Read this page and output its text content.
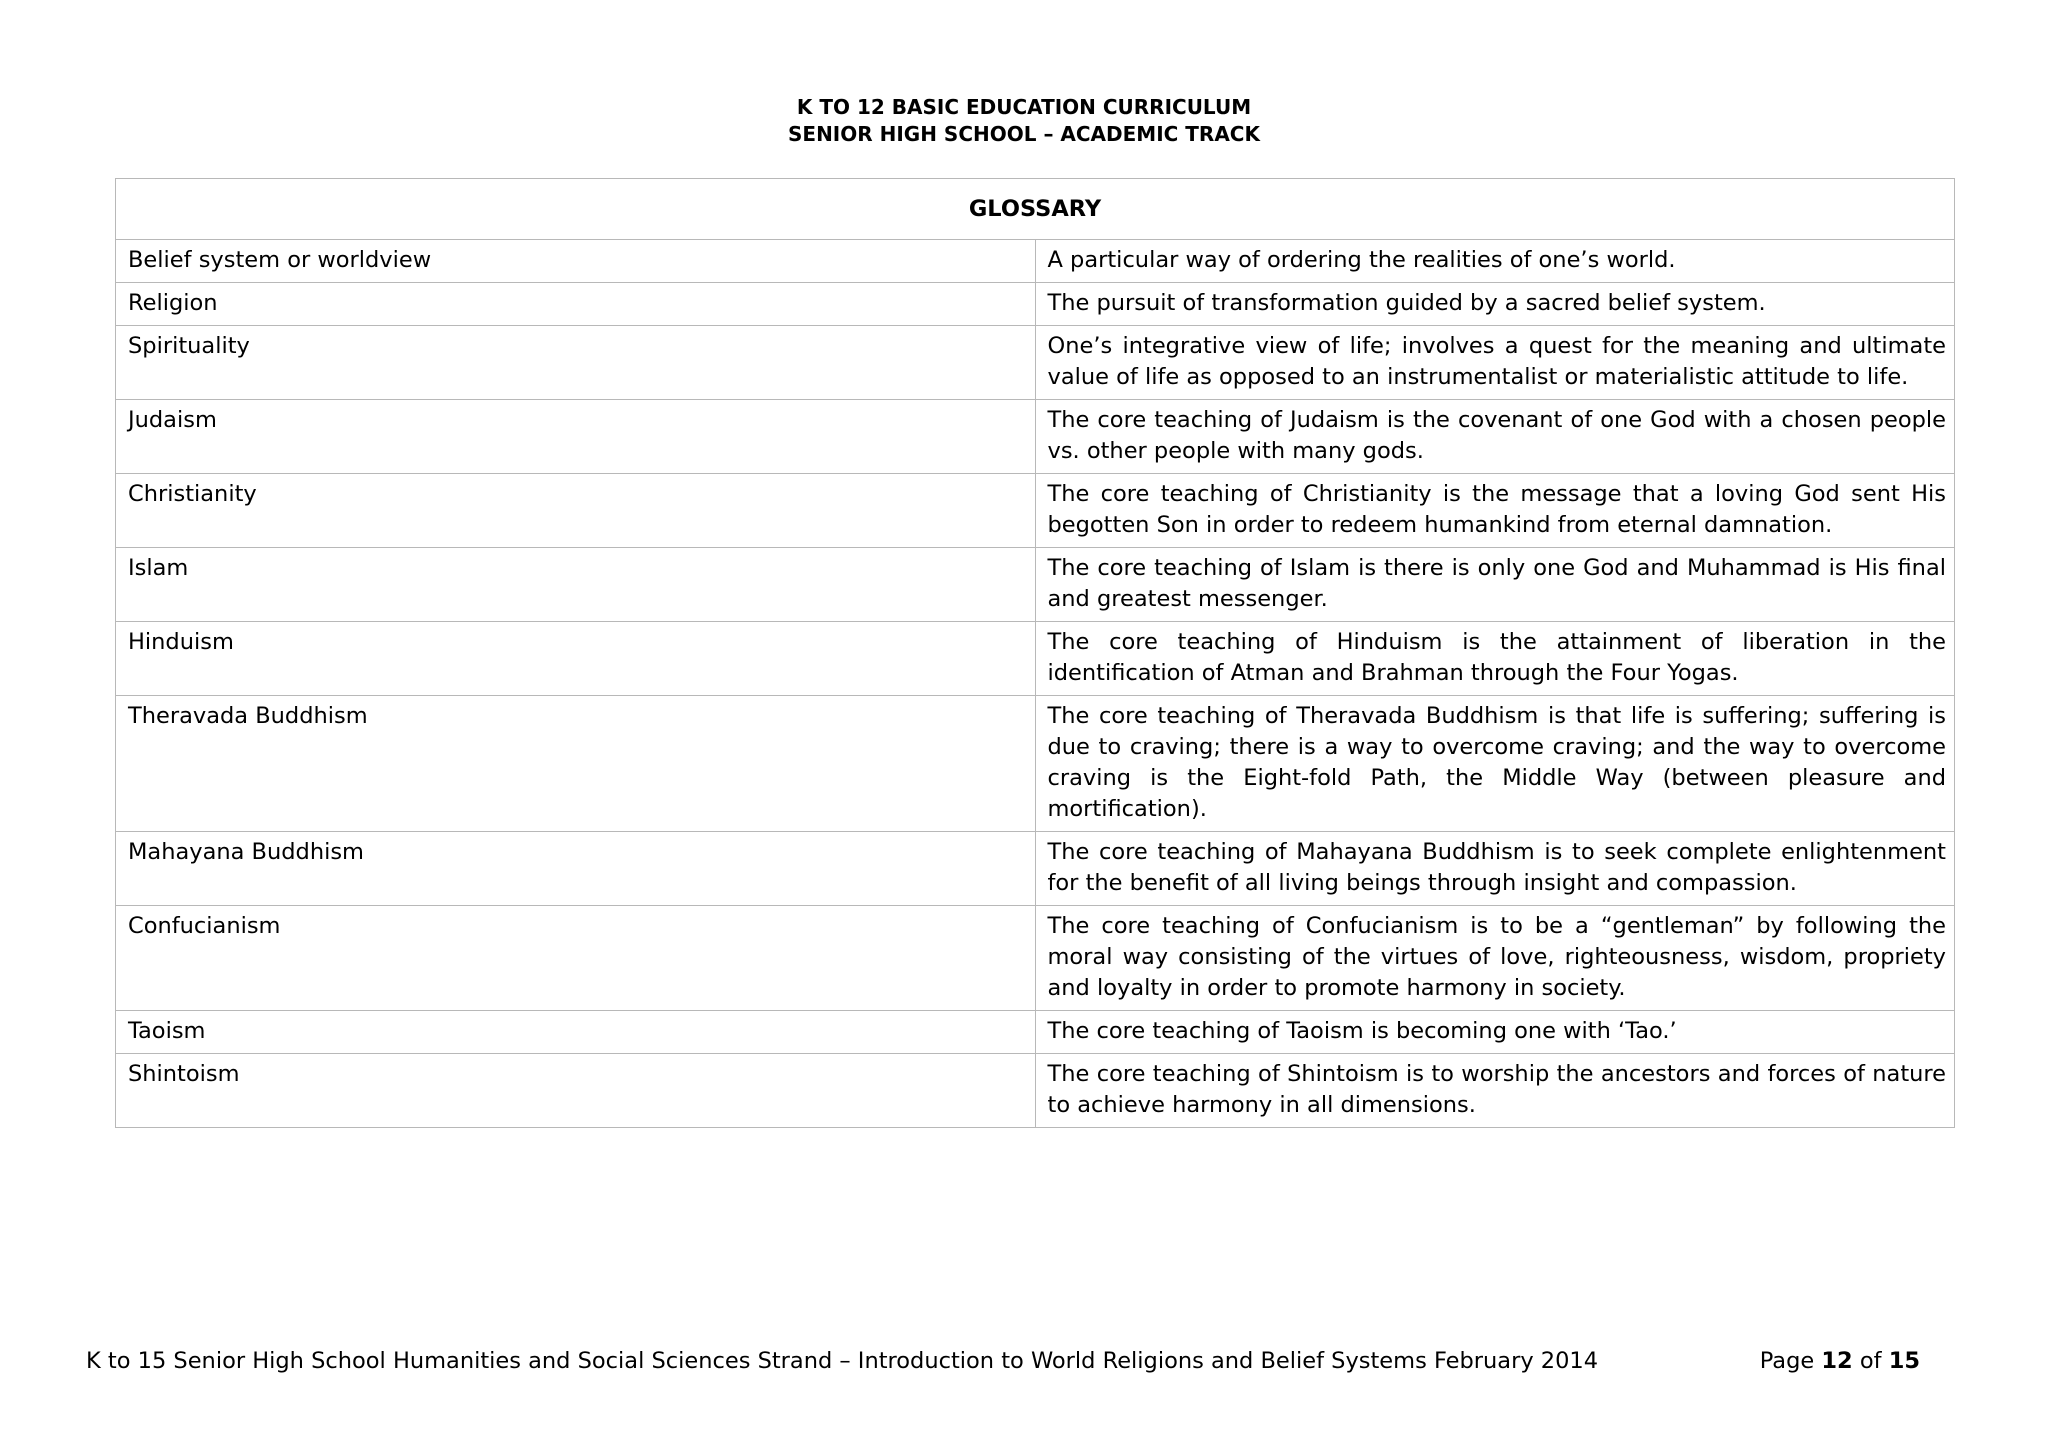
K TO 12 BASIC EDUCATION CURRICULUM
SENIOR HIGH SCHOOL – ACADEMIC TRACK
GLOSSARY	
Belief system or worldview	A particular way of ordering the realities of one’s world.
Religion	The pursuit of transformation guided by a sacred belief system.
Spirituality	One’s integrative view of life; involves a quest for the meaning and ultimate value of life as opposed to an instrumentalist or materialistic attitude to life.
Judaism	The core teaching of Judaism is the covenant of one God with a chosen people vs. other people with many gods.
Christianity	The core teaching of Christianity is the message that a loving God sent His begotten Son in order to redeem humankind from eternal damnation.
Islam	The core teaching of Islam is there is only one God and Muhammad is His final and greatest messenger.
Hinduism	The core teaching of Hinduism is the attainment of liberation in the identification of Atman and Brahman through the Four Yogas.
Theravada Buddhism	The core teaching of Theravada Buddhism is that life is suffering; suffering is due to craving; there is a way to overcome craving; and the way to overcome craving is the Eight-fold Path, the Middle Way (between pleasure and mortification).
Mahayana Buddhism	The core teaching of Mahayana Buddhism is to seek complete enlightenment for the benefit of all living beings through insight and compassion.
Confucianism	The core teaching of Confucianism is to be a “gentleman” by following the moral way consisting of the virtues of love, righteousness, wisdom, propriety and loyalty in order to promote harmony in society.
Taoism	The core teaching of Taoism is becoming one with ‘Tao.’
Shintoism	The core teaching of Shintoism is to worship the ancestors and forces of nature to achieve harmony in all dimensions.
K to 15 Senior High School Humanities and Social Sciences Strand – Introduction to World Religions and Belief Systems February 2014	Page 12 of 15
